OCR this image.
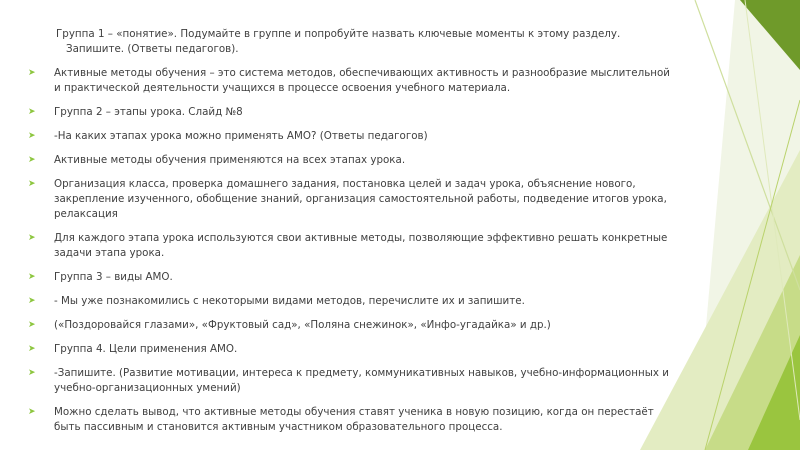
Группа 1 – «понятие». Подумайте в группе и попробуйте назвать ключевые моменты к этому разделу.
Запишите. (Ответы педагогов).
➤ Активные методы обучения – это система методов, обеспечивающих активность и разнообразие мыслительной и практической деятельности учащихся в процессе освоения учебного материала.
➤ Группа 2 – этапы урока. Слайд №8
➤ -На каких этапах урока можно применять АМО? (Ответы педагогов)
➤ Активные методы обучения применяются на всех этапах урока.
➤ Организация класса, проверка домашнего задания, постановка целей и задач урока, объяснение нового, закрепление изученного, обобщение знаний, организация самостоятельной работы, подведение итогов урока, релаксация
➤ Для каждого этапа урока используются свои активные методы, позволяющие эффективно решать конкретные задачи этапа урока.
➤ Группа 3 – виды АМО.
➤ - Мы уже познакомились с некоторыми видами методов, перечислите их и запишите.
➤ («Поздоровайся глазами», «Фруктовый сад», «Поляна снежинок», «Инфо-угадайка» и др.)
➤ Группа 4. Цели применения АМО.
➤ -Запишите. (Развитие мотивации, интереса к предмету, коммуникативных навыков, учебно-информационных и учебно-организационных умений)
➤ Можно сделать вывод, что активные методы обучения ставят ученика в новую позицию, когда он перестаёт быть пассивным и становится активным участником образовательного процесса.
